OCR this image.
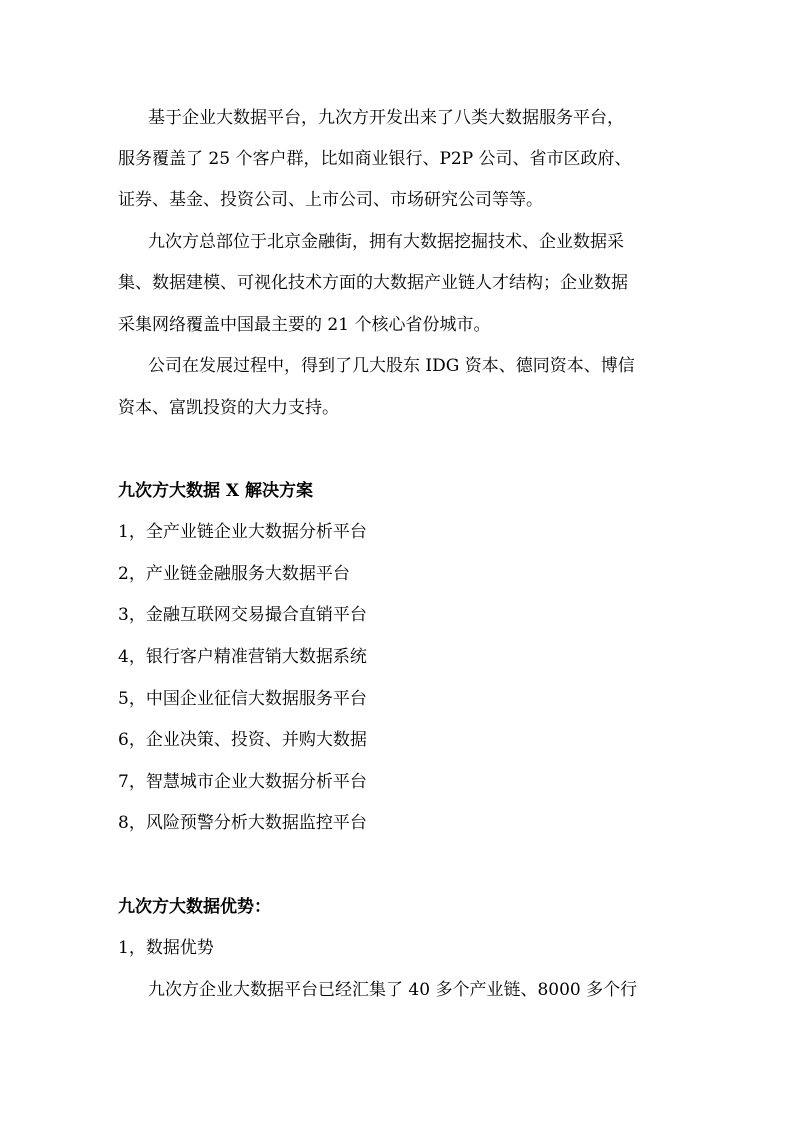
基于企业大数据平台，九次方开发出来了八类大数据服务平台，
服务覆盖了 25 个客户群，比如商业银行、P2P 公司、省市区政府、
证券、基金、投资公司、上市公司、市场研究公司等等。
九次方总部位于北京金融街，拥有大数据挖掘技术、企业数据采
集、数据建模、可视化技术方面的大数据产业链人才结构；企业数据
采集网络覆盖中国最主要的 21 个核心省份城市。
公司在发展过程中，得到了几大股东 IDG 资本、德同资本、博信
资本、富凯投资的大力支持。
九次方大数据 X 解决方案
1，全产业链企业大数据分析平台
2，产业链金融服务大数据平台
3，金融互联网交易撮合直销平台
4，银行客户精准营销大数据系统
5，中国企业征信大数据服务平台
6，企业决策、投资、并购大数据
7，智慧城市企业大数据分析平台
8，风险预警分析大数据监控平台
九次方大数据优势：
1，数据优势
九次方企业大数据平台已经汇集了 40 多个产业链、8000 多个行
